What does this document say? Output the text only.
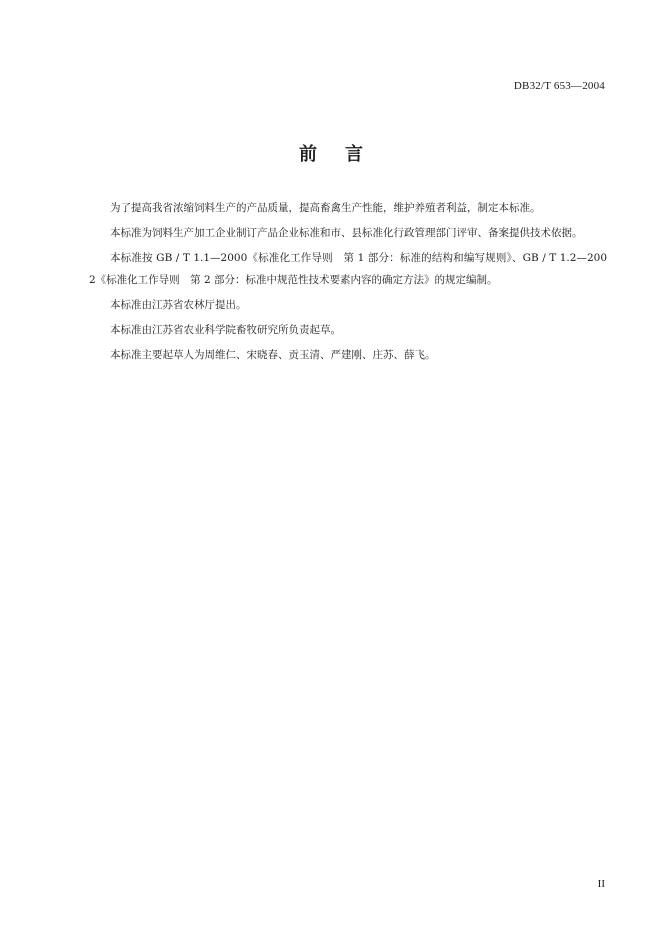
DB32/T 653—2004
前言

为了提高我省浓缩饲料生产的产品质量，提高畜禽生产性能，维护养殖者利益，制定本标准。

本标准为饲料生产加工企业制订产品企业标准和市、县标准化行政管理部门评审、备案提供技术依据。

本标准按 GB / T 1.1—2000《标准化工作导则　第 1 部分：标准的结构和编写规则》、GB / T 1.2—2002《标准化工作导则　第 2 部分：标准中规范性技术要素内容的确定方法》的规定编制。

本标准由江苏省农林厅提出。

本标准由江苏省农业科学院畜牧研究所负责起草。

本标准主要起草人为周维仁、宋晓春、贡玉清、严建刚、庄苏、薛飞。

II
